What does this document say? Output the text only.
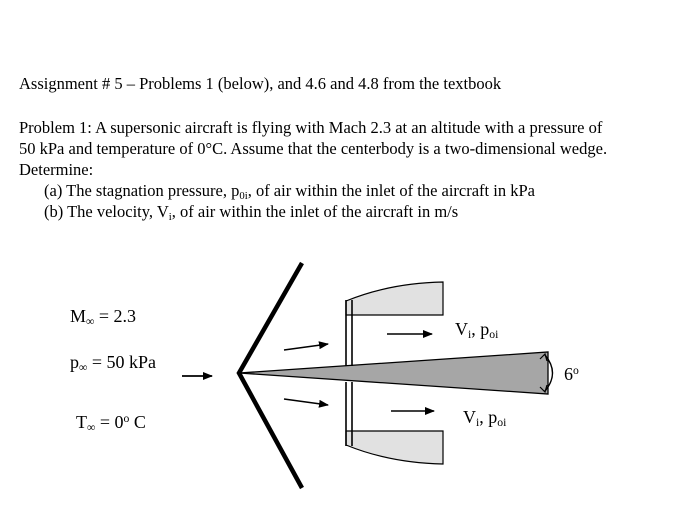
Assignment # 5 – Problems 1 (below), and 4.6 and 4.8 from the textbook
Problem 1: A supersonic aircraft is flying with Mach 2.3 at an altitude with a pressure of
50 kPa and temperature of 0°C. Assume that the centerbody is a two-dimensional wedge.
Determine:
(a) The stagnation pressure, $p_{0i}$, of air within the inlet of the aircraft in kPa
(b) The velocity, $V_i$, of air within the inlet of the aircraft in m/s
$M_\infty = 2.3$
$p_\infty = 50$ kPa
$T_\infty = 0^o$ C
$V_i$, $p_{oi}$
$V_i$, $p_{oi}$
6$^o$
